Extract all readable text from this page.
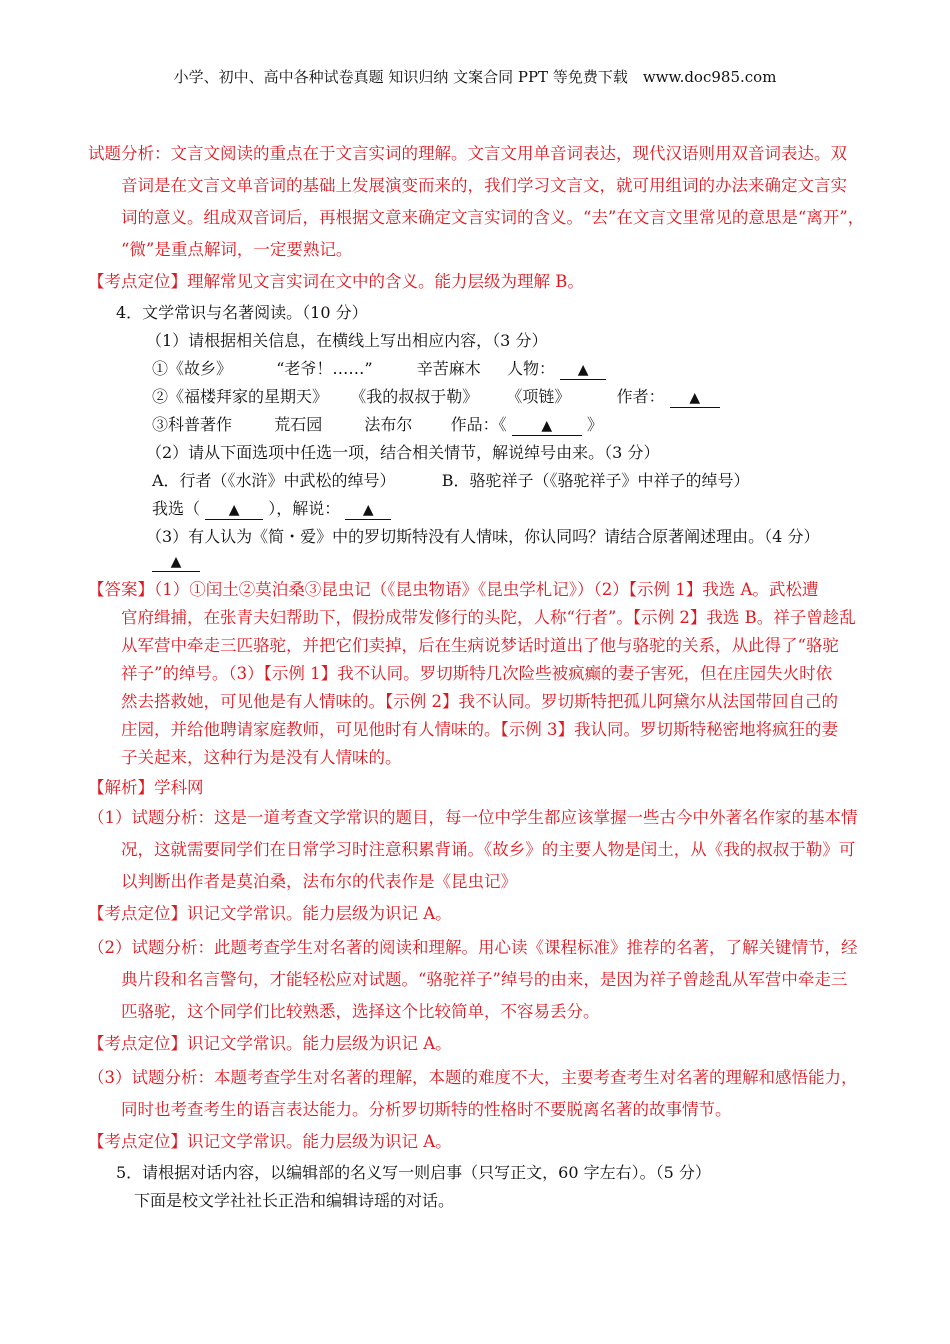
小学、初中、高中各种试卷真题 知识归纳 文案合同 PPT 等免费下载　www.doc985.com
试题分析：文言文阅读的重点在于文言实词的理解。文言文用单音词表达，现代汉语则用双音词表达。双
音词是在文言文单音词的基础上发展演变而来的，我们学习文言文，就可用组词的办法来确定文言实
词的意义。组成双音词后，再根据文意来确定文言实词的含义。“去”在文言文里常见的意思是“离开”，
“微”是重点解词，一定要熟记。
【考点定位】理解常见文言实词在文中的含义。能力层级为理解 B。
4．文学常识与名著阅读。（10 分）
（1）请根据相关信息，在横线上写出相应内容，（3 分）
①《故乡》	“老爷！……”	辛苦麻木 人物： ▲
②《福楼拜家的星期天》 《我的叔叔于勒》 《项链》	作者： ▲
③科普著作	荒石园	法布尔 作品：《 ▲ 》
（2）请从下面选项中任选一项，结合相关情节，解说绰号由来。（3 分）
A．行者（《水浒》中武松的绰号）	B．骆驼祥子（《骆驼祥子》中祥子的绰号）
我选（ ▲ ），解说： ▲
（3）有人认为《简・爱》中的罗切斯特没有人情味，你认同吗？请结合原著阐述理由。（4 分）
▲
【答案】（1）①闰土②莫泊桑③昆虫记（《昆虫物语》《昆虫学札记》）（2）【示例 1】我选 A。武松遭
官府缉捕，在张青夫妇帮助下，假扮成带发修行的头陀，人称“行者”。【示例 2】我选 B。祥子曾趁乱
从军营中牵走三匹骆驼，并把它们卖掉，后在生病说梦话时道出了他与骆驼的关系，从此得了“骆驼
祥子”的绰号。（3）【示例 1】我不认同。罗切斯特几次险些被疯癫的妻子害死，但在庄园失火时依
然去搭救她，可见他是有人情味的。【示例 2】我不认同。罗切斯特把孤儿阿黛尔从法国带回自己的
庄园，并给他聘请家庭教师，可见他时有人情味的。【示例 3】我认同。罗切斯特秘密地将疯狂的妻
子关起来，这种行为是没有人情味的。
【解析】学科网
（1）试题分析：这是一道考查文学常识的题目，每一位中学生都应该掌握一些古今中外著名作家的基本情
况，这就需要同学们在日常学习时注意积累背诵。《故乡》的主要人物是闰土，从《我的叔叔于勒》可
以判断出作者是莫泊桑，法布尔的代表作是《昆虫记》
【考点定位】识记文学常识。能力层级为识记 A。
（2）试题分析：此题考查学生对名著的阅读和理解。用心读《课程标准》推荐的名著，了解关键情节，经
典片段和名言警句，才能轻松应对试题。“骆驼祥子”绰号的由来，是因为祥子曾趁乱从军营中牵走三
匹骆驼，这个同学们比较熟悉，选择这个比较简单，不容易丢分。
【考点定位】识记文学常识。能力层级为识记 A。
（3）试题分析：本题考查学生对名著的理解，本题的难度不大，主要考查考生对名著的理解和感悟能力，
同时也考查考生的语言表达能力。分析罗切斯特的性格时不要脱离名著的故事情节。
【考点定位】识记文学常识。能力层级为识记 A。
5．请根据对话内容，以编辑部的名义写一则启事（只写正文，60 字左右）。（5 分）
下面是校文学社社长正浩和编辑诗瑶的对话。
